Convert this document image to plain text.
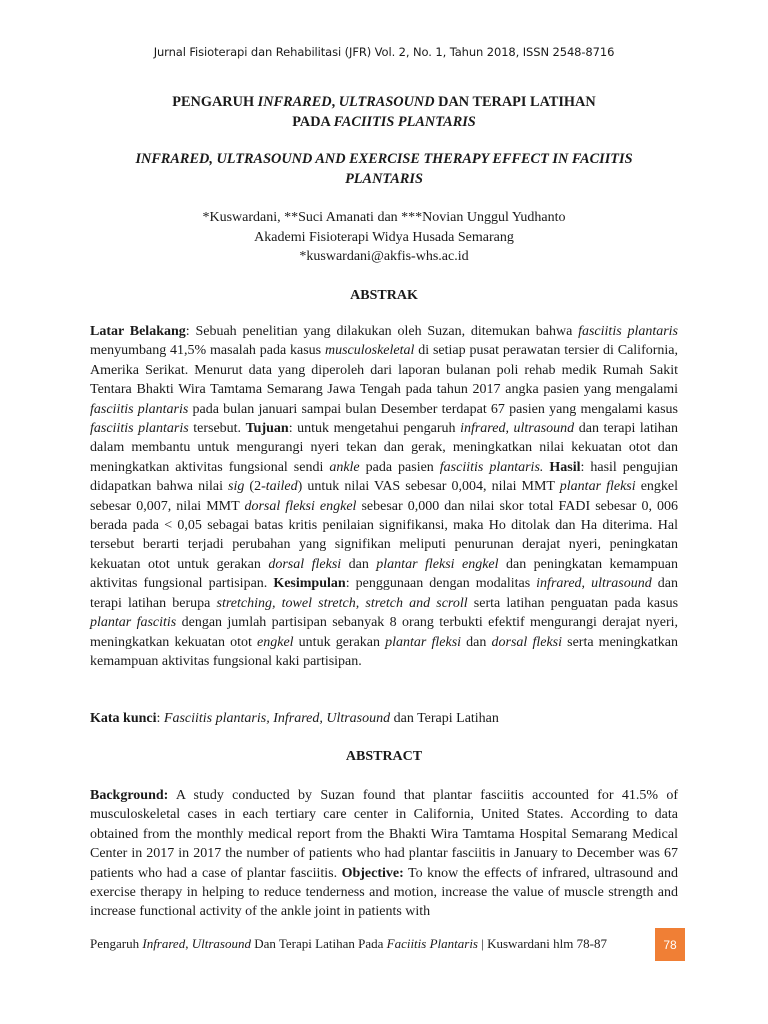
Jurnal Fisioterapi dan Rehabilitasi (JFR) Vol. 2, No. 1, Tahun 2018, ISSN 2548-8716
PENGARUH INFRARED, ULTRASOUND DAN TERAPI LATIHAN
PADA FACIITIS PLANTARIS
INFRARED, ULTRASOUND AND EXERCISE THERAPY EFFECT IN FACIITIS
PLANTARIS
*Kuswardani, **Suci Amanati dan ***Novian Unggul Yudhanto
Akademi Fisioterapi Widya Husada Semarang
*kuswardani@akfis-whs.ac.id
ABSTRAK
Latar Belakang: Sebuah penelitian yang dilakukan oleh Suzan, ditemukan bahwa fasciitis plantaris menyumbang 41,5% masalah pada kasus musculoskeletal di setiap pusat perawatan tersier di California, Amerika Serikat. Menurut data yang diperoleh dari laporan bulanan poli rehab medik Rumah Sakit Tentara Bhakti Wira Tamtama Semarang Jawa Tengah pada tahun 2017 angka pasien yang mengalami fasciitis plantaris pada bulan januari sampai bulan Desember terdapat 67 pasien yang mengalami kasus fasciitis plantaris tersebut. Tujuan: untuk mengetahui pengaruh infrared, ultrasound dan terapi latihan dalam membantu untuk mengurangi nyeri tekan dan gerak, meningkatkan nilai kekuatan otot dan meningkatkan aktivitas fungsional sendi ankle pada pasien fasciitis plantaris. Hasil: hasil pengujian didapatkan bahwa nilai sig (2-tailed) untuk nilai VAS sebesar 0,004, nilai MMT plantar fleksi engkel sebesar 0,007, nilai MMT dorsal fleksi engkel sebesar 0,000 dan nilai skor total FADI sebesar 0, 006 berada pada < 0,05 sebagai batas kritis penilaian signifikansi, maka Ho ditolak dan Ha diterima. Hal tersebut berarti terjadi perubahan yang signifikan meliputi penurunan derajat nyeri, peningkatan kekuatan otot untuk gerakan dorsal fleksi dan plantar fleksi engkel dan peningkatan kemampuan aktivitas fungsional partisipan. Kesimpulan: penggunaan dengan modalitas infrared, ultrasound dan terapi latihan berupa stretching, towel stretch, stretch and scroll serta latihan penguatan pada kasus plantar fascitis dengan jumlah partisipan sebanyak 8 orang terbukti efektif mengurangi derajat nyeri, meningkatkan kekuatan otot engkel untuk gerakan plantar fleksi dan dorsal fleksi serta meningkatkan kemampuan aktivitas fungsional kaki partisipan.
Kata kunci: Fasciitis plantaris, Infrared, Ultrasound dan Terapi Latihan
ABSTRACT
Background: A study conducted by Suzan found that plantar fasciitis accounted for 41.5% of musculoskeletal cases in each tertiary care center in California, United States. According to data obtained from the monthly medical report from the Bhakti Wira Tamtama Hospital Semarang Medical Center in 2017 in 2017 the number of patients who had plantar fasciitis in January to December was 67 patients who had a case of plantar fasciitis. Objective: To know the effects of infrared, ultrasound and exercise therapy in helping to reduce tenderness and motion, increase the value of muscle strength and increase functional activity of the ankle joint in patients with
Pengaruh Infrared, Ultrasound Dan Terapi Latihan Pada Faciitis Plantaris | Kuswardani hlm 78-87	78
